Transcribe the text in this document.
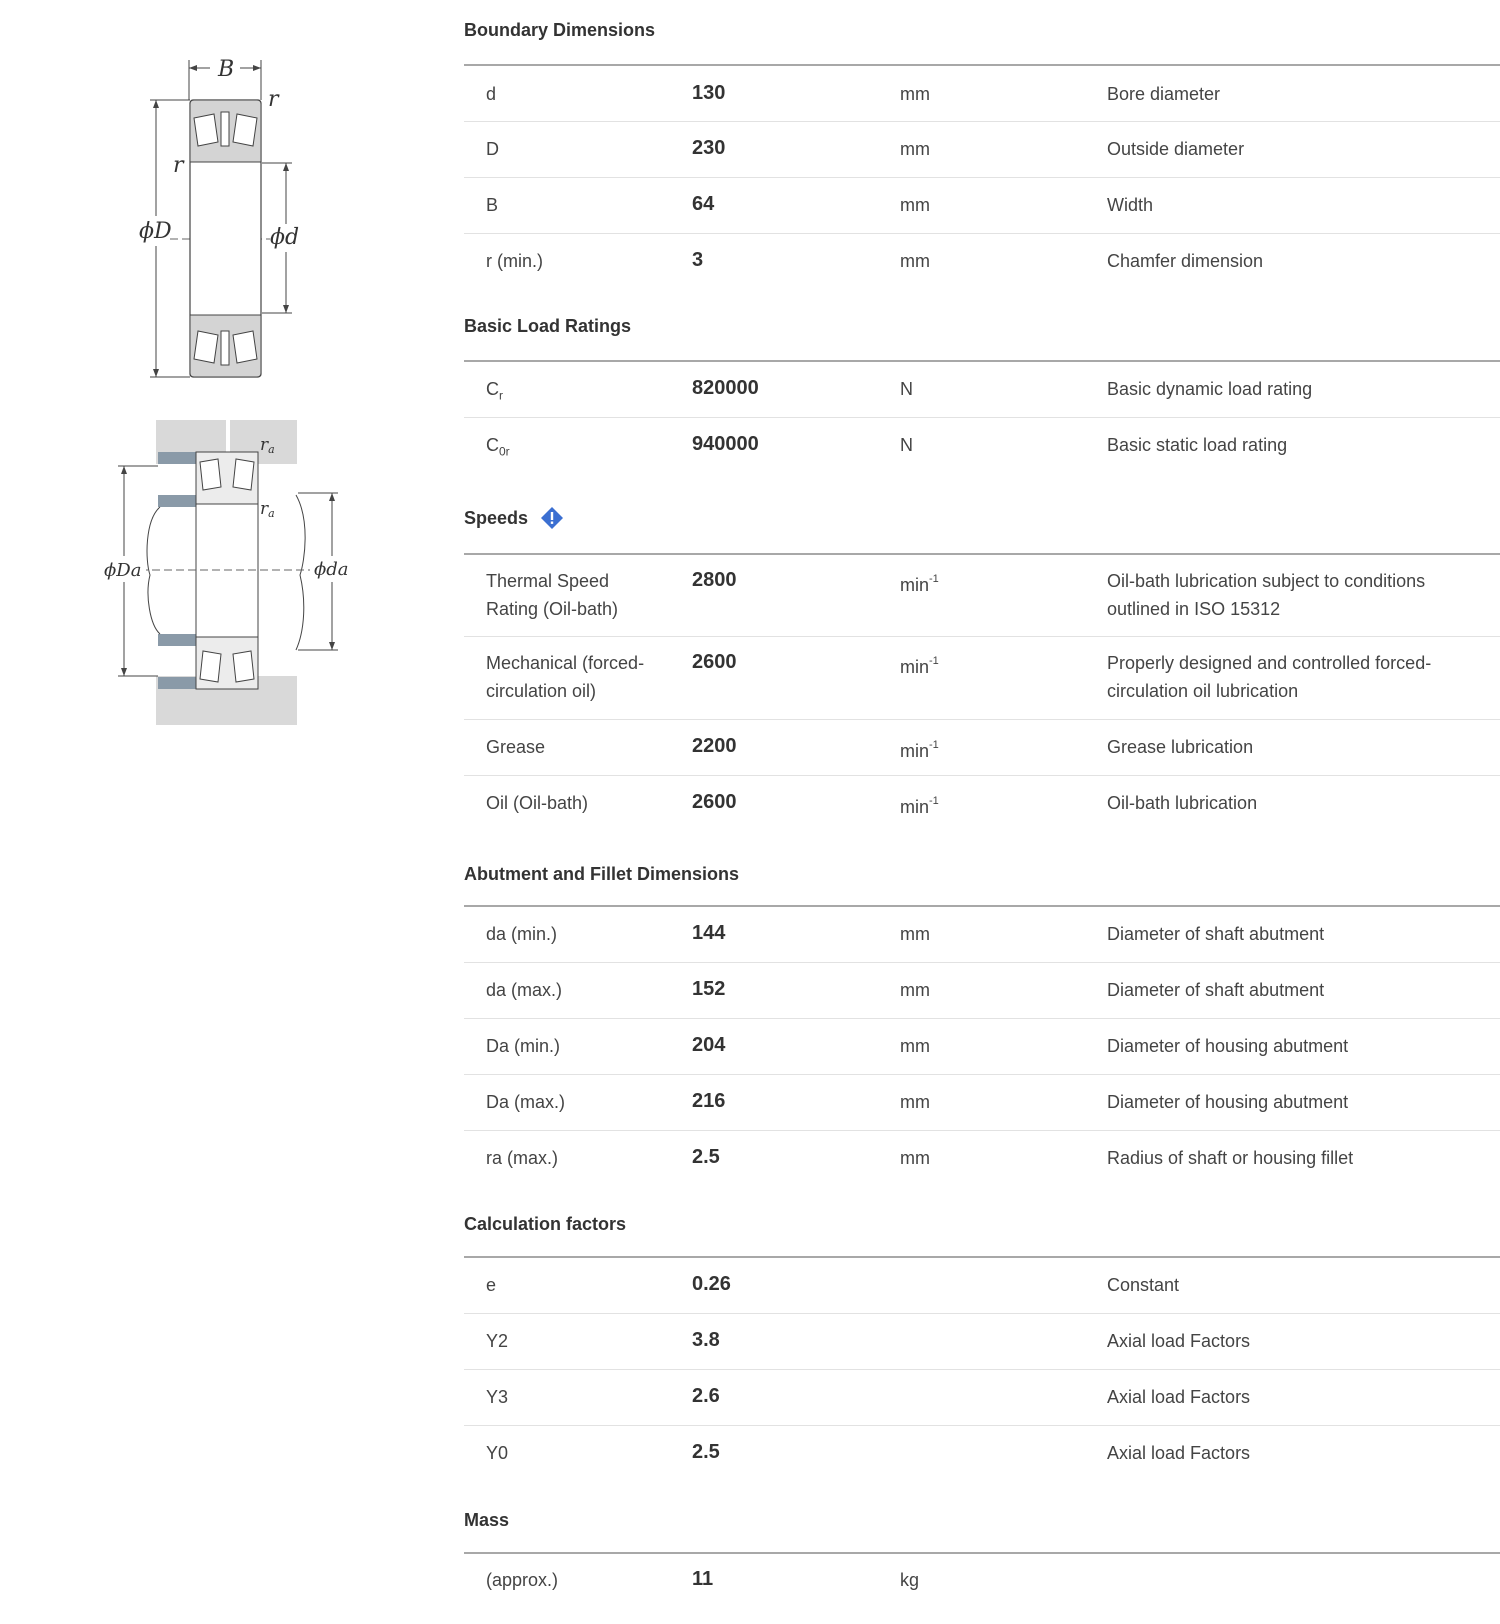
B
r
r
ϕD	ϕd
ϕDa	ϕda
ra
ra
Boundary Dimensions
d	130	mm	Bore diameter
D	230	mm	Outside diameter
B	64	mm	Width
r (min.)	3	mm	Chamfer dimension
Basic Load Ratings
$C_r$	820000	N	Basic dynamic load rating
$C_{0r}$	940000	N	Basic static load rating
Speeds
Thermal Speed Rating (Oil-bath)
2800	$\min^{-1}$	Oil-bath lubrication subject to conditions outlined in ISO 15312
Mechanical (forced-circulation oil)
2600	$\min^{-1}$	Properly designed and controlled forced-circulation oil lubrication
Grease	2200	$\min^{-1}$	Grease lubrication
Oil (Oil-bath)	2600	$\min^{-1}$	Oil-bath lubrication
Abutment and Fillet Dimensions
da (min.)	144	mm	Diameter of shaft abutment
da (max.)	152	mm	Diameter of shaft abutment
Da (min.)	204	mm	Diameter of housing abutment
Da (max.)	216	mm	Diameter of housing abutment
ra (max.)	2.5	mm	Radius of shaft or housing fillet
Calculation factors
e	0.26	Constant
Y2	3.8	Axial load Factors
Y3	2.6	Axial load Factors
Y0	2.5	Axial load Factors
Mass
(approx.)	11	kg
